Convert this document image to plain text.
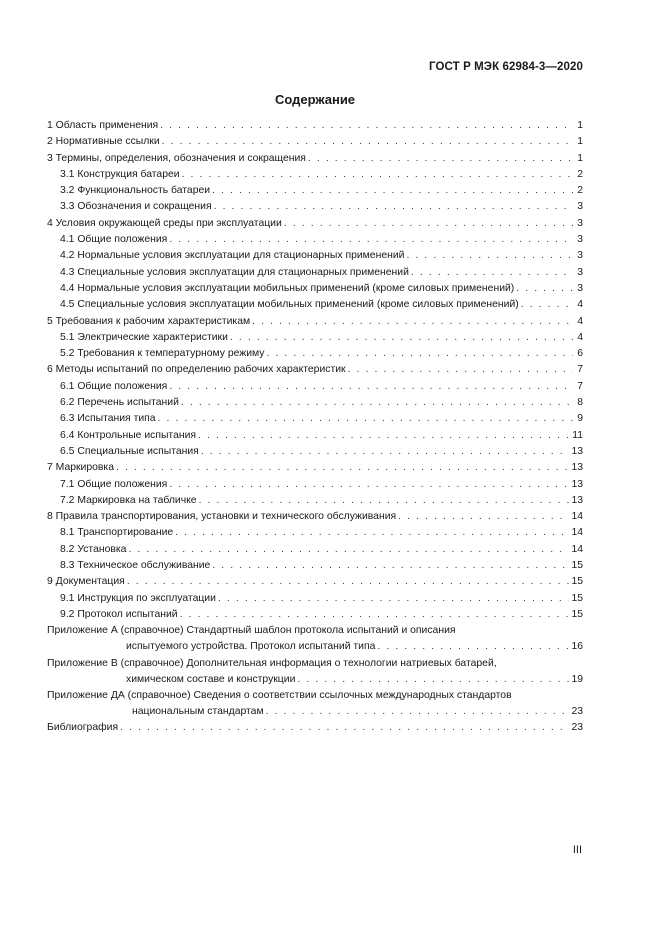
ГОСТ Р МЭК 62984-3—2020
Содержание
1 Область применения . . .	1
2 Нормативные ссылки . . .	1
3 Термины, определения, обозначения и сокращения . . .	1
3.1 Конструкция батареи . . .	2
3.2 Функциональность батареи . . .	2
3.3 Обозначения и сокращения . . .	3
4 Условия окружающей среды при эксплуатации . . .	3
4.1 Общие положения . . .	3
4.2 Нормальные условия эксплуатации для стационарных применений . . .	3
4.3 Специальные условия эксплуатации для стационарных применений . . .	3
4.4 Нормальные условия эксплуатации мобильных применений (кроме силовых применений) . . .	3
4.5 Специальные условия эксплуатации мобильных применений (кроме силовых применений) . . .	4
5 Требования к рабочим характеристикам . . .	4
5.1 Электрические характеристики . . .	4
5.2 Требования к температурному режиму . . .	6
6 Методы испытаний по определению рабочих характеристик . . .	7
6.1 Общие положения . . .	7
6.2 Перечень испытаний . . .	8
6.3 Испытания типа . . .	9
6.4 Контрольные испытания . . .	11
6.5 Специальные испытания . . .	13
7 Маркировка . . .	13
7.1 Общие положения . . .	13
7.2 Маркировка на табличке . . .	13
8 Правила транспортирования, установки и технического обслуживания . . .	14
8.1 Транспортирование . . .	14
8.2 Установка . . .	14
8.3 Техническое обслуживание . . .	15
9 Документация . . .	15
9.1 Инструкция по эксплуатации . . .	15
9.2 Протокол испытаний . . .	15
Приложение А (справочное) Стандартный шаблон протокола испытаний и описания
испытуемого устройства. Протокол испытаний типа . . .	16
Приложение В (справочное) Дополнительная информация о технологии натриевых батарей,
химическом составе и конструкции . . .	19
Приложение ДА (справочное) Сведения о соответствии ссылочных международных стандартов
национальным стандартам . . .	23
Библиография . . .	23
III
